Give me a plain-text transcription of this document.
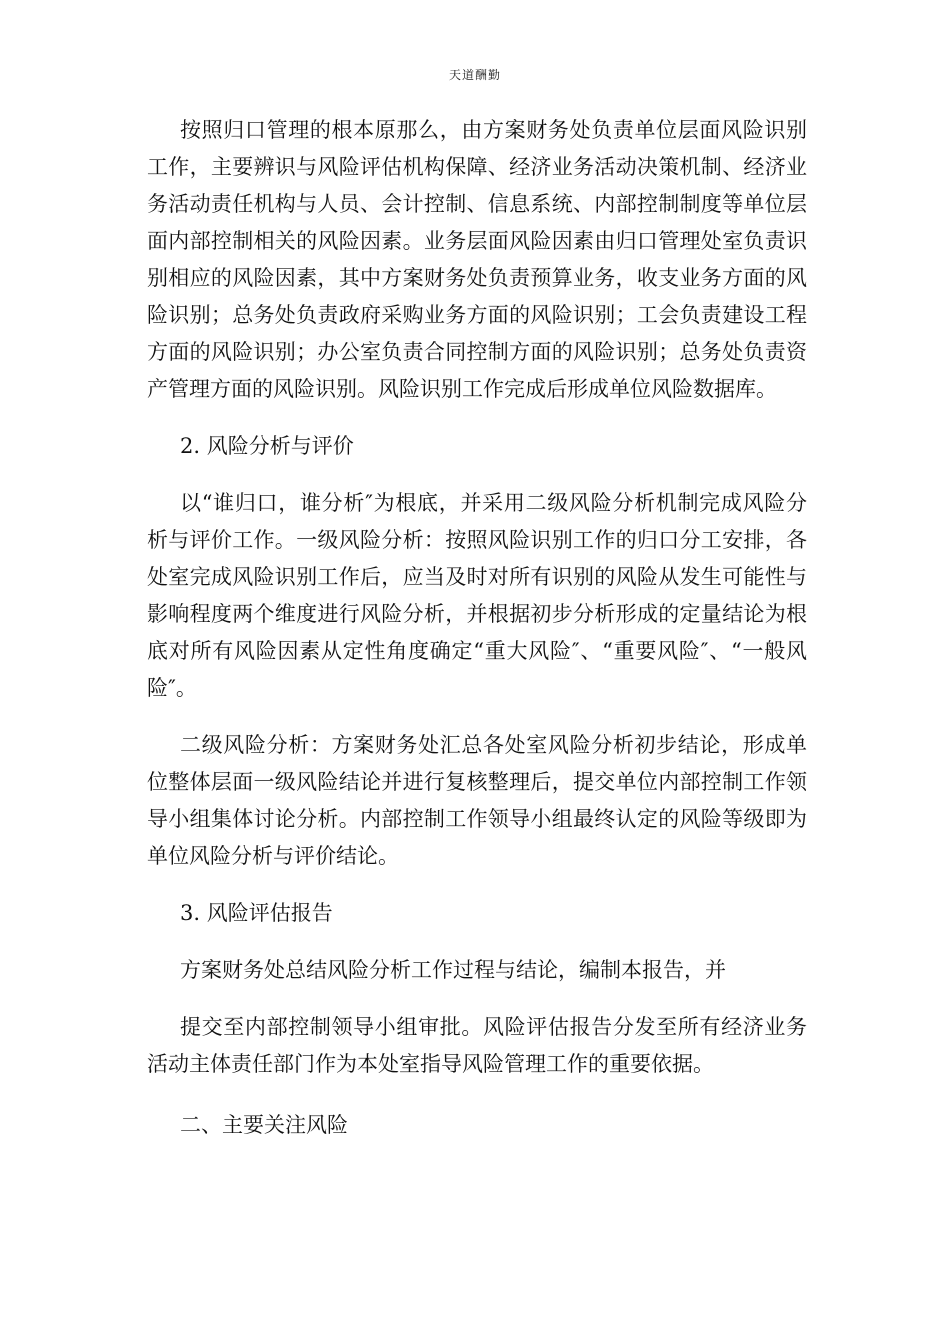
天道酬勤

按照归口管理的根本原那么，由方案财务处负责单位层面风险识别工作，主要辨识与风险评估机构保障、经济业务活动决策机制、经济业务活动责任机构与人员、会计控制、信息系统、内部控制制度等单位层面内部控制相关的风险因素。业务层面风险因素由归口管理处室负责识别相应的风险因素，其中方案财务处负责预算业务，收支业务方面的风险识别；总务处负责政府采购业务方面的风险识别；工会负责建设工程方面的风险识别；办公室负责合同控制方面的风险识别；总务处负责资产管理方面的风险识别。风险识别工作完成后形成单位风险数据库。

2. 风险分析与评价

以“谁归口，谁分析″为根底，并采用二级风险分析机制完成风险分析与评价工作。一级风险分析：按照风险识别工作的归口分工安排，各处室完成风险识别工作后，应当及时对所有识别的风险从发生可能性与影响程度两个维度进行风险分析，并根据初步分析形成的定量结论为根底对所有风险因素从定性角度确定“重大风险″、“重要风险″、“一般风险″。

二级风险分析：方案财务处汇总各处室风险分析初步结论，形成单位整体层面一级风险结论并进行复核整理后，提交单位内部控制工作领导小组集体讨论分析。内部控制工作领导小组最终认定的风险等级即为单位风险分析与评价结论。

3. 风险评估报告

方案财务处总结风险分析工作过程与结论，编制本报告，并

提交至内部控制领导小组审批。风险评估报告分发至所有经济业务活动主体责任部门作为本处室指导风险管理工作的重要依据。

二、主要关注风险
